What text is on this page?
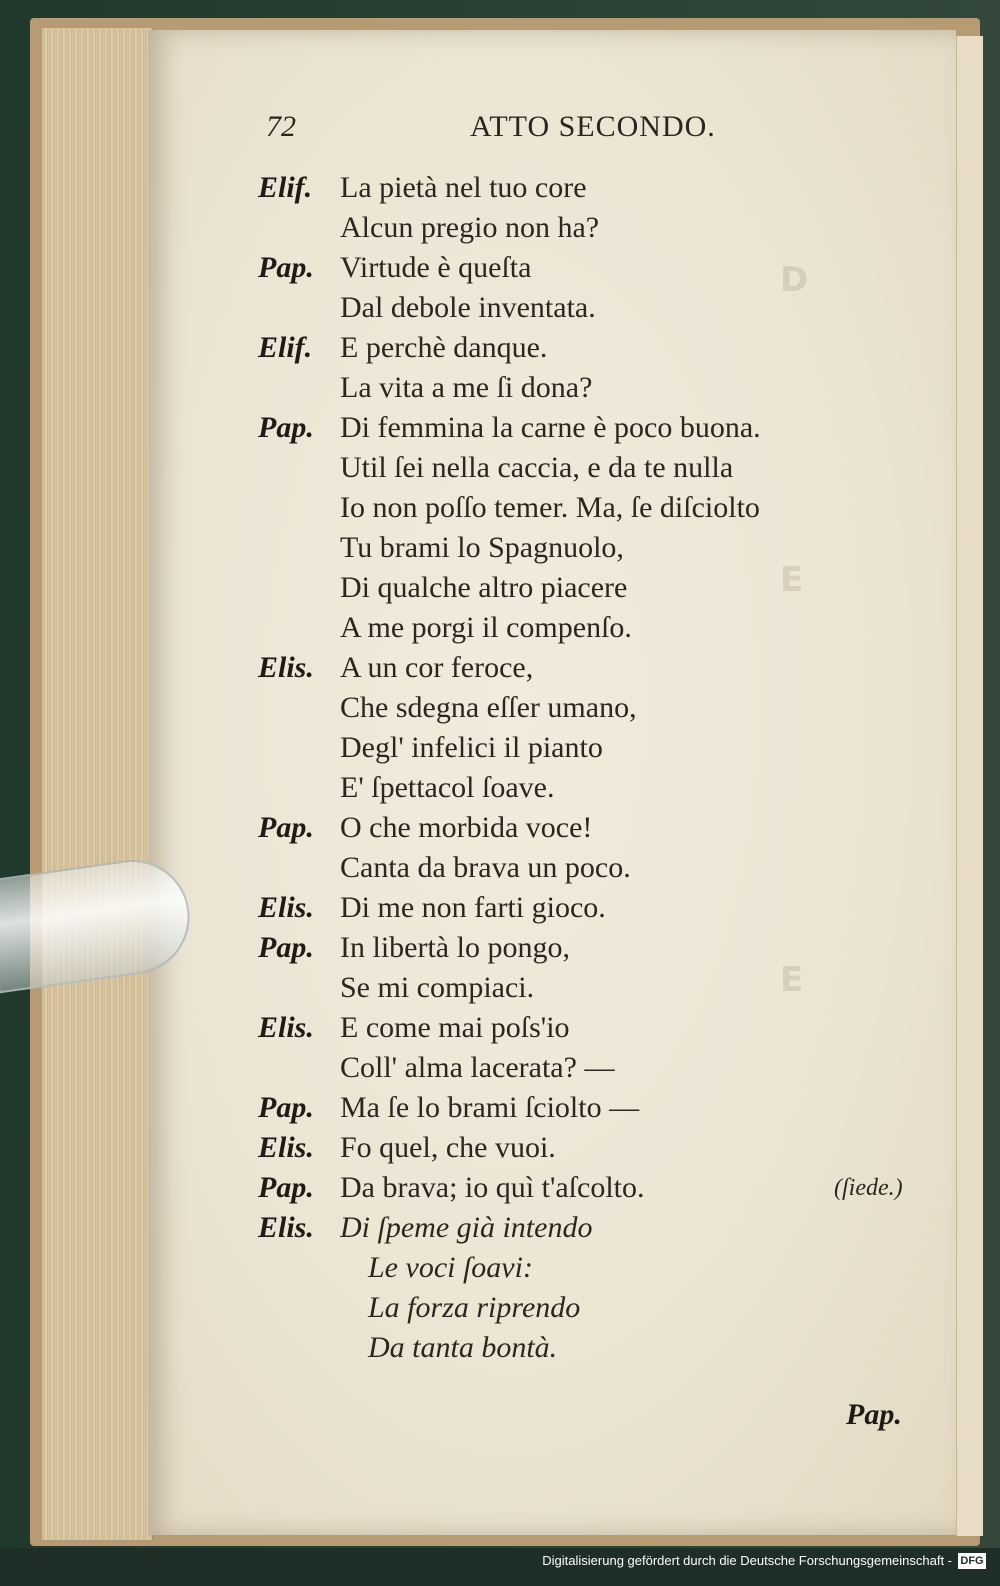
D
E
E
72	ATTO SECONDO.
Elif. La pietà nel tuo core
Alcun pregio non ha?
Pap. Virtude è queſta
Dal debole inventata.
Elif. E perchè danque.
La vita a me ſi dona?
Pap. Di femmina la carne è poco buona.
Util ſei nella caccia, e da te nulla
Io non poſſo temer. Ma, ſe diſciolto
Tu brami lo Spagnuolo,
Di qualche altro piacere
A me porgi il compenſo.
Elis. A un cor feroce,
Che sdegna eſſer umano,
Degl' infelici il pianto
E' ſpettacol ſoave.
Pap. O che morbida voce!
Canta da brava un poco.
Elis. Di me non farti gioco.
Pap. In libertà lo pongo,
Se mi compiaci.
Elis. E come mai poſs'io
Coll' alma lacerata? —
Pap. Ma ſe lo brami ſciolto —
Elis. Fo quel, che vuoi.
Pap. Da brava; io quì t'aſcolto.	(ſiede.)
Elis. Di ſpeme già intendo
Le voci ſoavi:
La forza riprendo
Da tanta bontà.
Pap.
Digitalisierung gefördert durch die Deutsche Forschungsgemeinschaft - DFG
